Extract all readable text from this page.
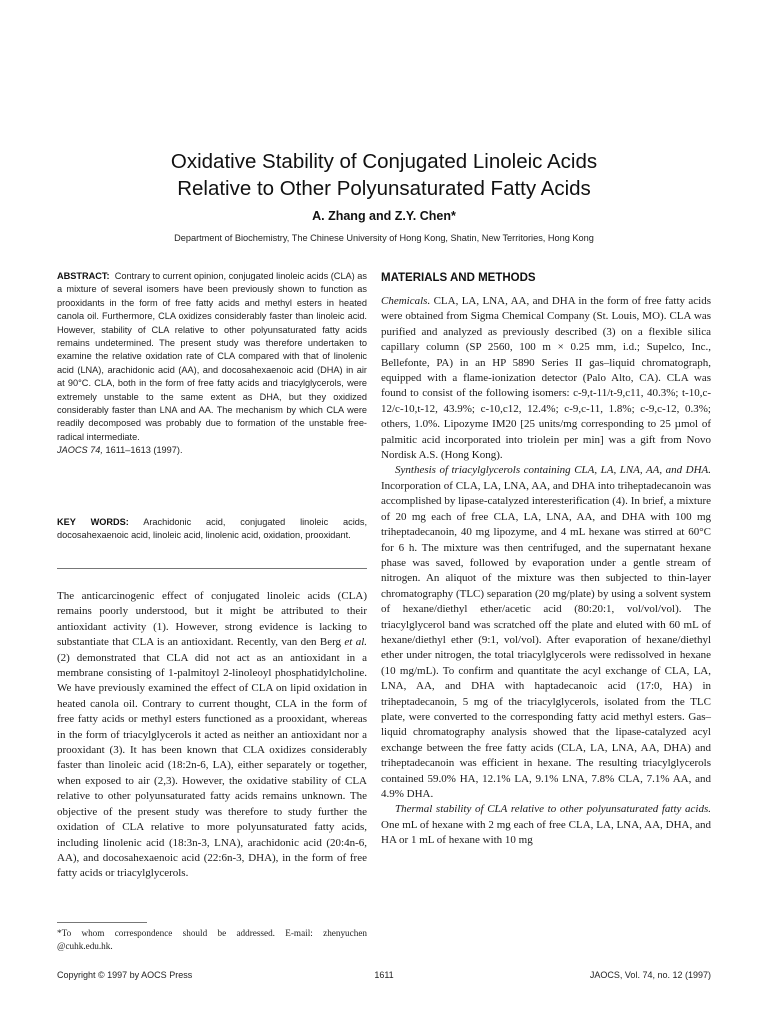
Oxidative Stability of Conjugated Linoleic Acids
Relative to Other Polyunsaturated Fatty Acids
A. Zhang and Z.Y. Chen*
Department of Biochemistry, The Chinese University of Hong Kong, Shatin, New Territories, Hong Kong
ABSTRACT: Contrary to current opinion, conjugated linoleic acids (CLA) as a mixture of several isomers have been previously shown to function as prooxidants in the form of free fatty acids and methyl esters in heated canola oil. Furthermore, CLA oxidizes considerably faster than linoleic acid. However, stability of CLA relative to other polyunsaturated fatty acids remains undetermined. The present study was therefore undertaken to examine the relative oxidation rate of CLA compared with that of linolenic acid (LNA), arachidonic acid (AA), and docosahexaenoic acid (DHA) in air at 90°C. CLA, both in the form of free fatty acids and triacylglycerols, were extremely unstable to the same extent as DHA, but they oxidized considerably faster than LNA and AA. The mechanism by which CLA were readily decomposed was probably due to formation of the unstable free-radical intermediate.
JAOCS 74, 1611–1613 (1997).
KEY WORDS: Arachidonic acid, conjugated linoleic acids, docosahexaenoic acid, linoleic acid, linolenic acid, oxidation, prooxidant.
The anticarcinogenic effect of conjugated linoleic acids (CLA) remains poorly understood, but it might be attributed to their antioxidant activity (1). However, strong evidence is lacking to substantiate that CLA is an antioxidant. Recently, van den Berg et al. (2) demonstrated that CLA did not act as an antioxidant in a membrane consisting of 1-palmitoyl 2-linoleoyl phosphatidylcholine. We have previously examined the effect of CLA on lipid oxidation in heated canola oil. Contrary to current thought, CLA in the form of free fatty acids or methyl esters functioned as a prooxidant, whereas in the form of triacylglycerols it acted as neither an antioxidant nor a prooxidant (3). It has been known that CLA oxidizes considerably faster than linoleic acid (18:2n-6, LA), either separately or together, when exposed to air (2,3). However, the oxidative stability of CLA relative to other polyunsaturated fatty acids remains unknown. The objective of the present study was therefore to study further the oxidation of CLA relative to more polyunsaturated fatty acids, including linolenic acid (18:3n-3, LNA), arachidonic acid (20:4n-6, AA), and docosahexaenoic acid (22:6n-3, DHA), in the form of free fatty acids or triacylglycerols.
*To whom correspondence should be addressed. E-mail: zhenyuchen @cuhk.edu.hk.
MATERIALS AND METHODS

Chemicals. CLA, LA, LNA, AA, and DHA in the form of free fatty acids were obtained from Sigma Chemical Company (St. Louis, MO). CLA was purified and analyzed as previously described (3) on a flexible silica capillary column (SP 2560, 100 m × 0.25 mm, i.d.; Supelco, Inc., Bellefonte, PA) in an HP 5890 Series II gas–liquid chromatograph, equipped with a flame-ionization detector (Palo Alto, CA). CLA was found to consist of the following isomers: c-9,t-11/t-9,c11, 40.3%; t-10,c-12/c-10,t-12, 43.9%; c-10,c12, 12.4%; c-9,c-11, 1.8%; c-9,c-12, 0.3%; others, 1.0%. Lipozyme IM20 [25 units/mg corresponding to 25 µmol of palmitic acid incorporated into triolein per min] was a gift from Novo Nordisk A.S. (Hong Kong).

Synthesis of triacylglycerols containing CLA, LA, LNA, AA, and DHA. Incorporation of CLA, LA, LNA, AA, and DHA into triheptadecanoin was accomplished by lipase-catalyzed interesterification (4). In brief, a mixture of 20 mg each of free CLA, LA, LNA, AA, and DHA with 100 mg triheptadecanoin, 40 mg lipozyme, and 4 mL hexane was stirred at 60°C for 6 h. The mixture was then centrifuged, and the supernatant hexane phase was saved, followed by evaporation under a gentle stream of nitrogen. An aliquot of the mixture was then subjected to thin-layer chromatography (TLC) separation (20 mg/plate) by using a solvent system of hexane/diethyl ether/acetic acid (80:20:1, vol/vol/vol). The triacylglycerol band was scratched off the plate and eluted with 60 mL of hexane/diethyl ether (9:1, vol/vol). After evaporation of hexane/diethyl ether under nitrogen, the total triacylglycerols were redissolved in hexane (10 mg/mL). To confirm and quantitate the acyl exchange of CLA, LA, LNA, AA, and DHA with haptadecanoic acid (17:0, HA) in triheptadecanoin, 5 mg of the triacylglycerols, isolated from the TLC plate, were converted to the corresponding fatty acid methyl esters. Gas–liquid chromatography analysis showed that the lipase-catalyzed acyl exchange between the free fatty acids (CLA, LA, LNA, AA, DHA) and triheptadecanoin was efficient in hexane. The resulting triacylglycerols contained 59.0% HA, 12.1% LA, 9.1% LNA, 7.8% CLA, 7.1% AA, and 4.9% DHA.

Thermal stability of CLA relative to other polyunsaturated fatty acids. One mL of hexane with 2 mg each of free CLA, LA, LNA, AA, DHA, and HA or 1 mL of hexane with 10 mg

Copyright © 1997 by AOCS Press	1611	JAOCS, Vol. 74, no. 12 (1997)
